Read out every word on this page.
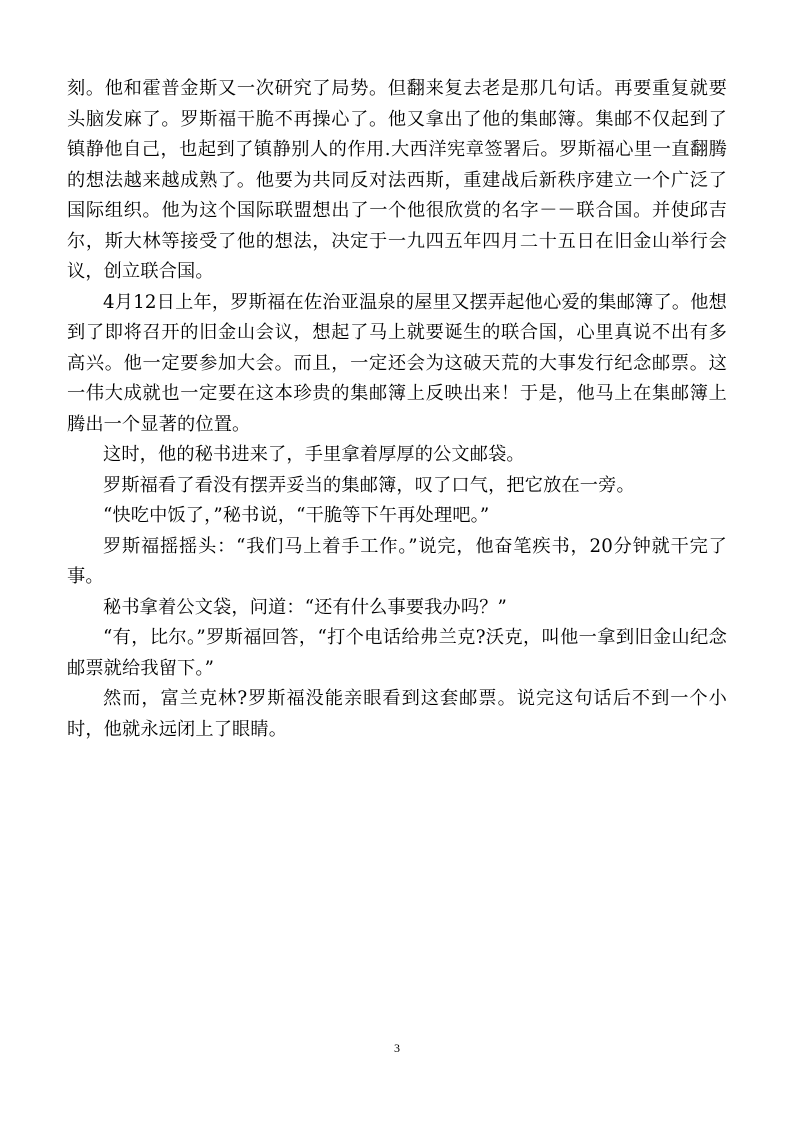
刻。他和霍普金斯又一次研究了局势。但翻来复去老是那几句话。再要重复就要头脑发麻了。罗斯福干脆不再操心了。他又拿出了他的集邮簿。集邮不仅起到了镇静他自己，也起到了镇静别人的作用.大西洋宪章签署后。罗斯福心里一直翻腾的想法越来越成熟了。他要为共同反对法西斯，重建战后新秩序建立一个广泛了国际组织。他为这个国际联盟想出了一个他很欣赏的名字－－联合国。并使邱吉尔，斯大林等接受了他的想法，决定于一九四五年四月二十五日在旧金山举行会议，创立联合国。

4月12日上年，罗斯福在佐治亚温泉的屋里又摆弄起他心爱的集邮簿了。他想到了即将召开的旧金山会议，想起了马上就要诞生的联合国，心里真说不出有多高兴。他一定要参加大会。而且，一定还会为这破天荒的大事发行纪念邮票。这一伟大成就也一定要在这本珍贵的集邮簿上反映出来！于是，他马上在集邮簿上腾出一个显著的位置。

这时，他的秘书进来了，手里拿着厚厚的公文邮袋。

罗斯福看了看没有摆弄妥当的集邮簿，叹了口气，把它放在一旁。

“快吃中饭了，”秘书说，“干脆等下午再处理吧。”

罗斯福摇摇头：“我们马上着手工作。”说完，他奋笔疾书，20分钟就干完了事。

秘书拿着公文袋，问道：“还有什么事要我办吗？”

“有，比尔。”罗斯福回答，“打个电话给弗兰克?沃克，叫他一拿到旧金山纪念邮票就给我留下。”

然而，富兰克林?罗斯福没能亲眼看到这套邮票。说完这句话后不到一个小时，他就永远闭上了眼睛。

3
